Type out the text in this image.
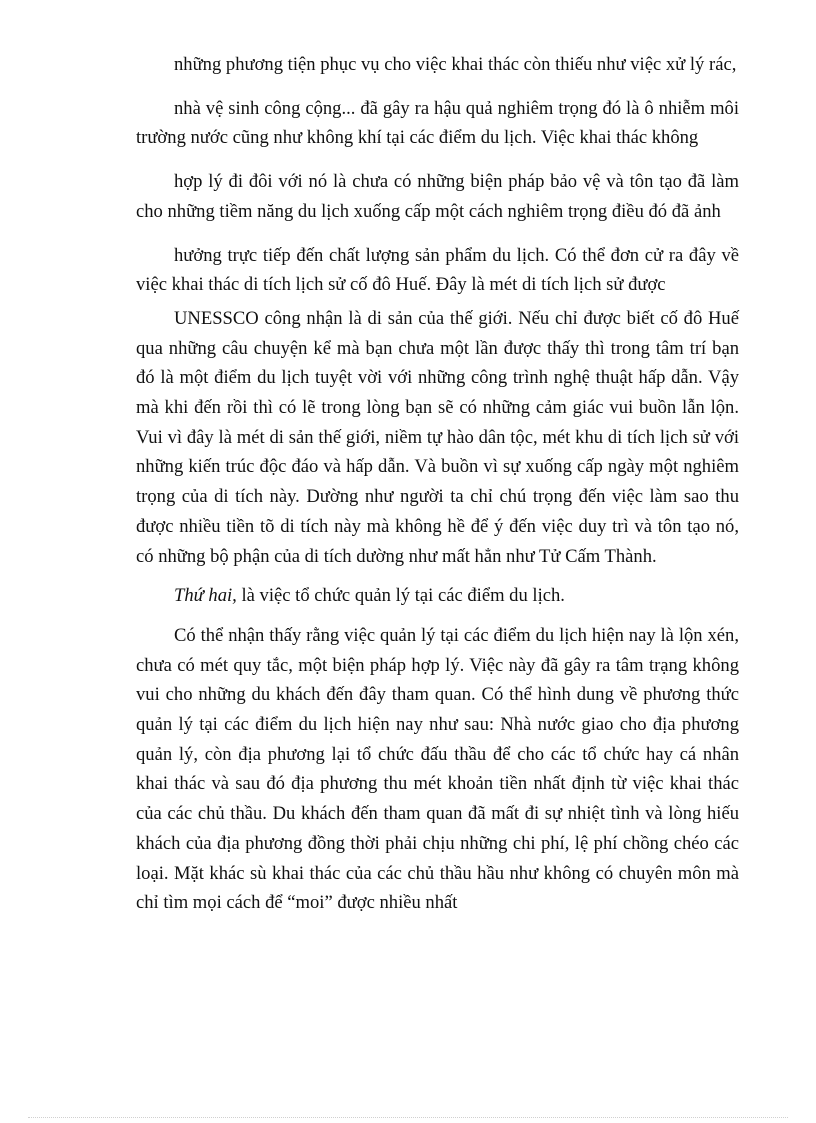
những phương tiện phục vụ cho việc khai thác còn thiếu như việc xử lý rác,

nhà vệ sinh công cộng... đã gây ra hậu quả nghiêm trọng đó là ô nhiễm môi trường nước cũng như không khí tại các điểm du lịch. Việc khai thác không

hợp lý đi đôi với nó là chưa có những biện pháp bảo vệ và tôn tạo đã làm cho những tiềm năng du lịch xuống cấp một cách nghiêm trọng điều đó đã ảnh

hưởng trực tiếp đến chất lượng sản phẩm du lịch. Có thể đơn cử ra đây về việc khai thác di tích lịch sử cố đô Huế. Đây là mét di tích lịch sử được

UNESSCO công nhận là di sản của thế giới. Nếu chỉ được biết cố đô Huế qua những câu chuyện kể mà bạn chưa một lần được thấy thì trong tâm trí bạn đó là một điểm du lịch tuyệt vời với những công trình nghệ thuật hấp dẫn. Vậy mà khi đến rồi thì có lẽ trong lòng bạn sẽ có những cảm giác vui buồn lẫn lộn. Vui vì đây là mét di sản thế giới, niềm tự hào dân tộc, mét khu di tích lịch sử với những kiến trúc độc đáo và hấp dẫn. Và buồn vì sự xuống cấp ngày một nghiêm trọng của di tích này. Dường như người ta chỉ chú trọng đến việc làm sao thu được nhiều tiền tõ di tích này mà không hề để ý đến việc duy trì và tôn tạo nó, có những bộ phận của di tích dường như mất hẳn như Tử Cấm Thành.

Thứ hai, là việc tổ chức quản lý tại các điểm du lịch.

Có thể nhận thấy rằng việc quản lý tại các điểm du lịch hiện nay là lộn xén, chưa có mét quy tắc, một biện pháp hợp lý. Việc này đã gây ra tâm trạng không vui cho những du khách đến đây tham quan. Có thể hình dung về phương thức quản lý tại các điểm du lịch hiện nay như sau: Nhà nước giao cho địa phương quản lý, còn địa phương lại tổ chức đấu thầu để cho các tổ chức hay cá nhân khai thác và sau đó địa phương thu mét khoản tiền nhất định từ việc khai thác của các chủ thầu. Du khách đến tham quan đã mất đi sự nhiệt tình và lòng hiếu khách của địa phương đồng thời phải chịu những chi phí, lệ phí chồng chéo các loại. Mặt khác sù khai thác của các chủ thầu hầu như không có chuyên môn mà chỉ tìm mọi cách để “moi” được nhiều nhất
